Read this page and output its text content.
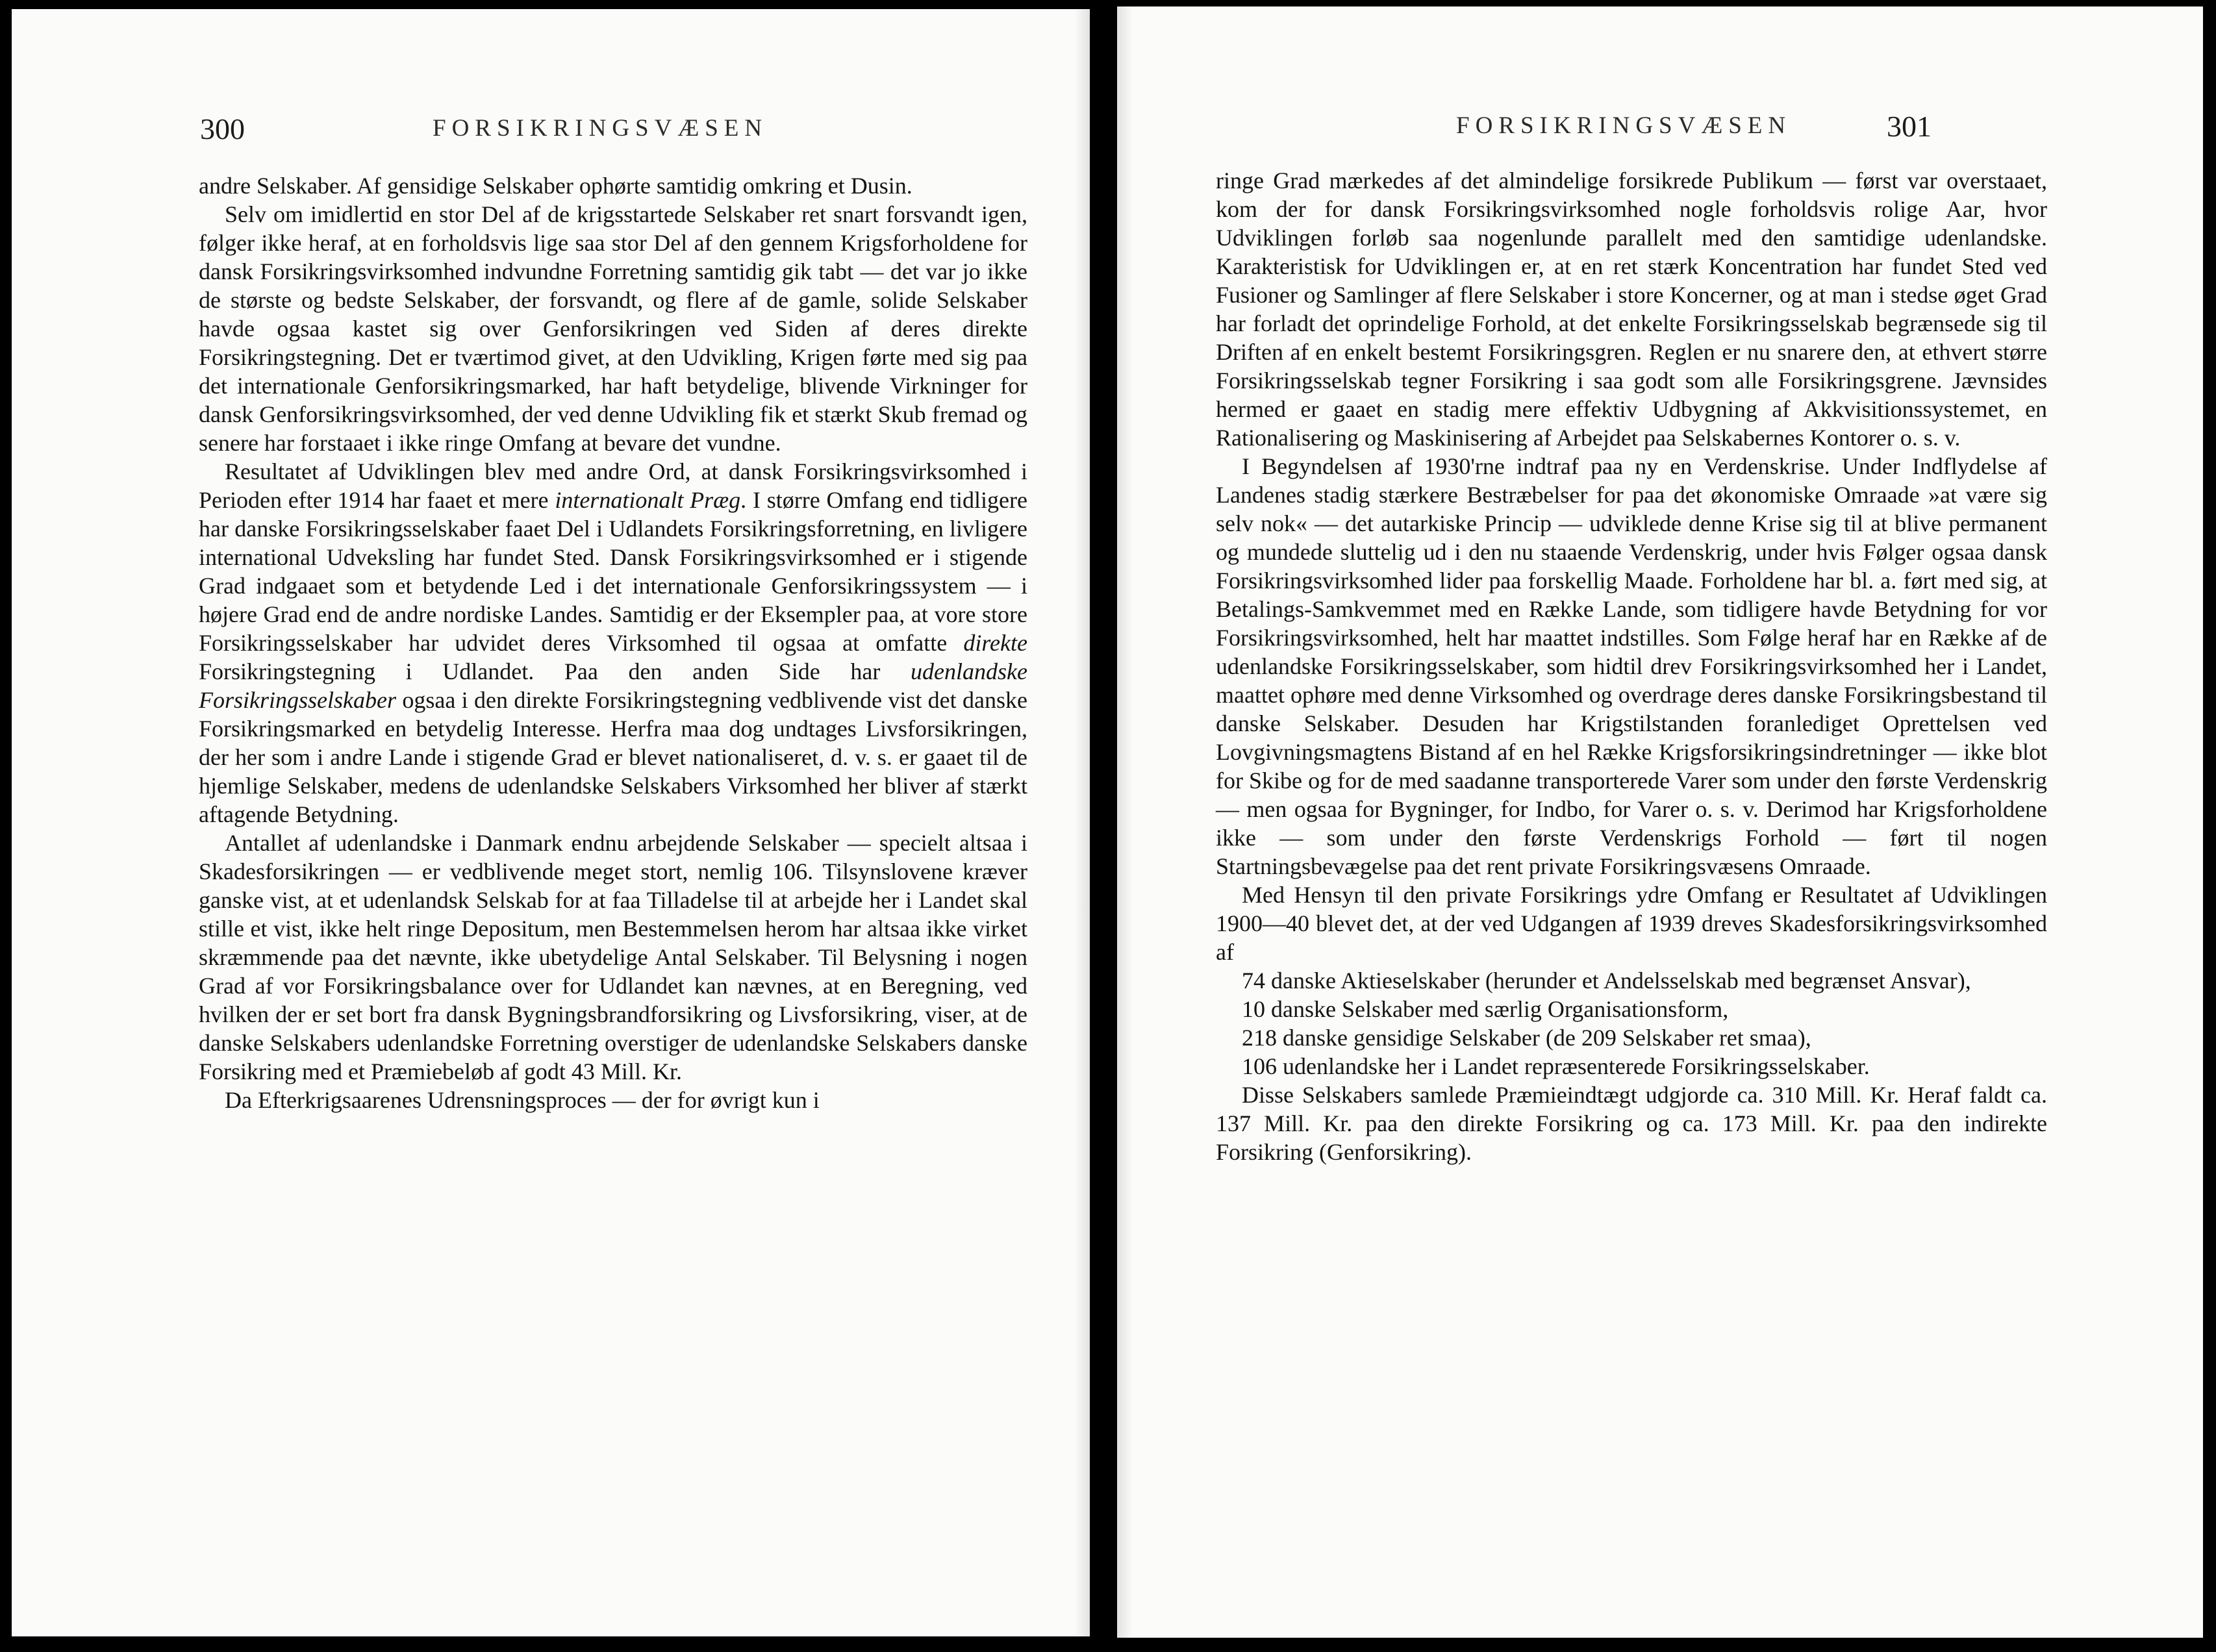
300	FORSIKRINGSVÆSEN

andre Selskaber. Af gensidige Selskaber ophørte samtidig omkring et Dusin.

Selv om imidlertid en stor Del af de krigsstartede Selskaber ret snart forsvandt igen, følger ikke heraf, at en forholdsvis lige saa stor Del af den gennem Krigsforholdene for dansk Forsikringsvirksomhed indvundne Forretning samtidig gik tabt — det var jo ikke de største og bedste Selskaber, der forsvandt, og flere af de gamle, solide Selskaber havde ogsaa kastet sig over Genforsikringen ved Siden af deres direkte Forsikringstegning. Det er tværtimod givet, at den Udvikling, Krigen førte med sig paa det internationale Genforsikringsmarked, har haft betydelige, blivende Virkninger for dansk Genforsikringsvirksomhed, der ved denne Udvikling fik et stærkt Skub fremad og senere har forstaaet i ikke ringe Omfang at bevare det vundne.

Resultatet af Udviklingen blev med andre Ord, at dansk Forsikringsvirksomhed i Perioden efter 1914 har faaet et mere internationalt Præg. I større Omfang end tidligere har danske Forsikringsselskaber faaet Del i Udlandets Forsikringsforretning, en livligere international Udveksling har fundet Sted. Dansk Forsikringsvirksomhed er i stigende Grad indgaaet som et betydende Led i det internationale Genforsikringssystem — i højere Grad end de andre nordiske Landes. Samtidig er der Eksempler paa, at vore store Forsikringsselskaber har udvidet deres Virksomhed til ogsaa at omfatte direkte Forsikringstegning i Udlandet. Paa den anden Side har udenlandske Forsikringsselskaber ogsaa i den direkte Forsikringstegning vedblivende vist det danske Forsikringsmarked en betydelig Interesse. Herfra maa dog undtages Livsforsikringen, der her som i andre Lande i stigende Grad er blevet nationaliseret, d. v. s. er gaaet til de hjemlige Selskaber, medens de udenlandske Selskabers Virksomhed her bliver af stærkt aftagende Betydning.

Antallet af udenlandske i Danmark endnu arbejdende Selskaber — specielt altsaa i Skadesforsikringen — er vedblivende meget stort, nemlig 106. Tilsynslovene kræver ganske vist, at et udenlandsk Selskab for at faa Tilladelse til at arbejde her i Landet skal stille et vist, ikke helt ringe Depositum, men Bestemmelsen herom har altsaa ikke virket skræmmende paa det nævnte, ikke ubetydelige Antal Selskaber. Til Belysning i nogen Grad af vor Forsikringsbalance over for Udlandet kan nævnes, at en Beregning, ved hvilken der er set bort fra dansk Bygningsbrandforsikring og Livsforsikring, viser, at de danske Selskabers udenlandske Forretning overstiger de udenlandske Selskabers danske Forsikring med et Præmiebeløb af godt 43 Mill. Kr.

Da Efterkrigsaarenes Udrensningsproces — der for øvrigt kun i

FORSIKRINGSVÆSEN	301

ringe Grad mærkedes af det almindelige forsikrede Publikum — først var overstaaet, kom der for dansk Forsikringsvirksomhed nogle forholdsvis rolige Aar, hvor Udviklingen forløb saa nogenlunde parallelt med den samtidige udenlandske. Karakteristisk for Udviklingen er, at en ret stærk Koncentration har fundet Sted ved Fusioner og Samlinger af flere Selskaber i store Koncerner, og at man i stedse øget Grad har forladt det oprindelige Forhold, at det enkelte Forsikringsselskab begrænsede sig til Driften af en enkelt bestemt Forsikringsgren. Reglen er nu snarere den, at ethvert større Forsikringsselskab tegner Forsikring i saa godt som alle Forsikringsgrene. Jævnsides hermed er gaaet en stadig mere effektiv Udbygning af Akkvisitionssystemet, en Rationalisering og Maskinisering af Arbejdet paa Selskabernes Kontorer o. s. v.

I Begyndelsen af 1930'rne indtraf paa ny en Verdenskrise. Under Indflydelse af Landenes stadig stærkere Bestræbelser for paa det økonomiske Omraade »at være sig selv nok« — det autarkiske Princip — udviklede denne Krise sig til at blive permanent og mundede sluttelig ud i den nu staaende Verdenskrig, under hvis Følger ogsaa dansk Forsikringsvirksomhed lider paa forskellig Maade. Forholdene har bl. a. ført med sig, at Betalings-Samkvemmet med en Række Lande, som tidligere havde Betydning for vor Forsikringsvirksomhed, helt har maattet indstilles. Som Følge heraf har en Række af de udenlandske Forsikringsselskaber, som hidtil drev Forsikringsvirksomhed her i Landet, maattet ophøre med denne Virksomhed og overdrage deres danske Forsikringsbestand til danske Selskaber. Desuden har Krigstilstanden foranlediget Oprettelsen ved Lovgivningsmagtens Bistand af en hel Række Krigsforsikringsindretninger — ikke blot for Skibe og for de med saadanne transporterede Varer som under den første Verdenskrig — men ogsaa for Bygninger, for Indbo, for Varer o. s. v. Derimod har Krigsforholdene ikke — som under den første Verdenskrigs Forhold — ført til nogen Startningsbevægelse paa det rent private Forsikringsvæsens Omraade.

Med Hensyn til den private Forsikrings ydre Omfang er Resultatet af Udviklingen 1900—40 blevet det, at der ved Udgangen af 1939 dreves Skadesforsikringsvirksomhed af

74 danske Aktieselskaber (herunder et Andelsselskab med begrænset Ansvar),

10 danske Selskaber med særlig Organisationsform,

218 danske gensidige Selskaber (de 209 Selskaber ret smaa),

106 udenlandske her i Landet repræsenterede Forsikringsselskaber.

Disse Selskabers samlede Præmieindtægt udgjorde ca. 310 Mill. Kr. Heraf faldt ca. 137 Mill. Kr. paa den direkte Forsikring og ca. 173 Mill. Kr. paa den indirekte Forsikring (Genforsikring).
